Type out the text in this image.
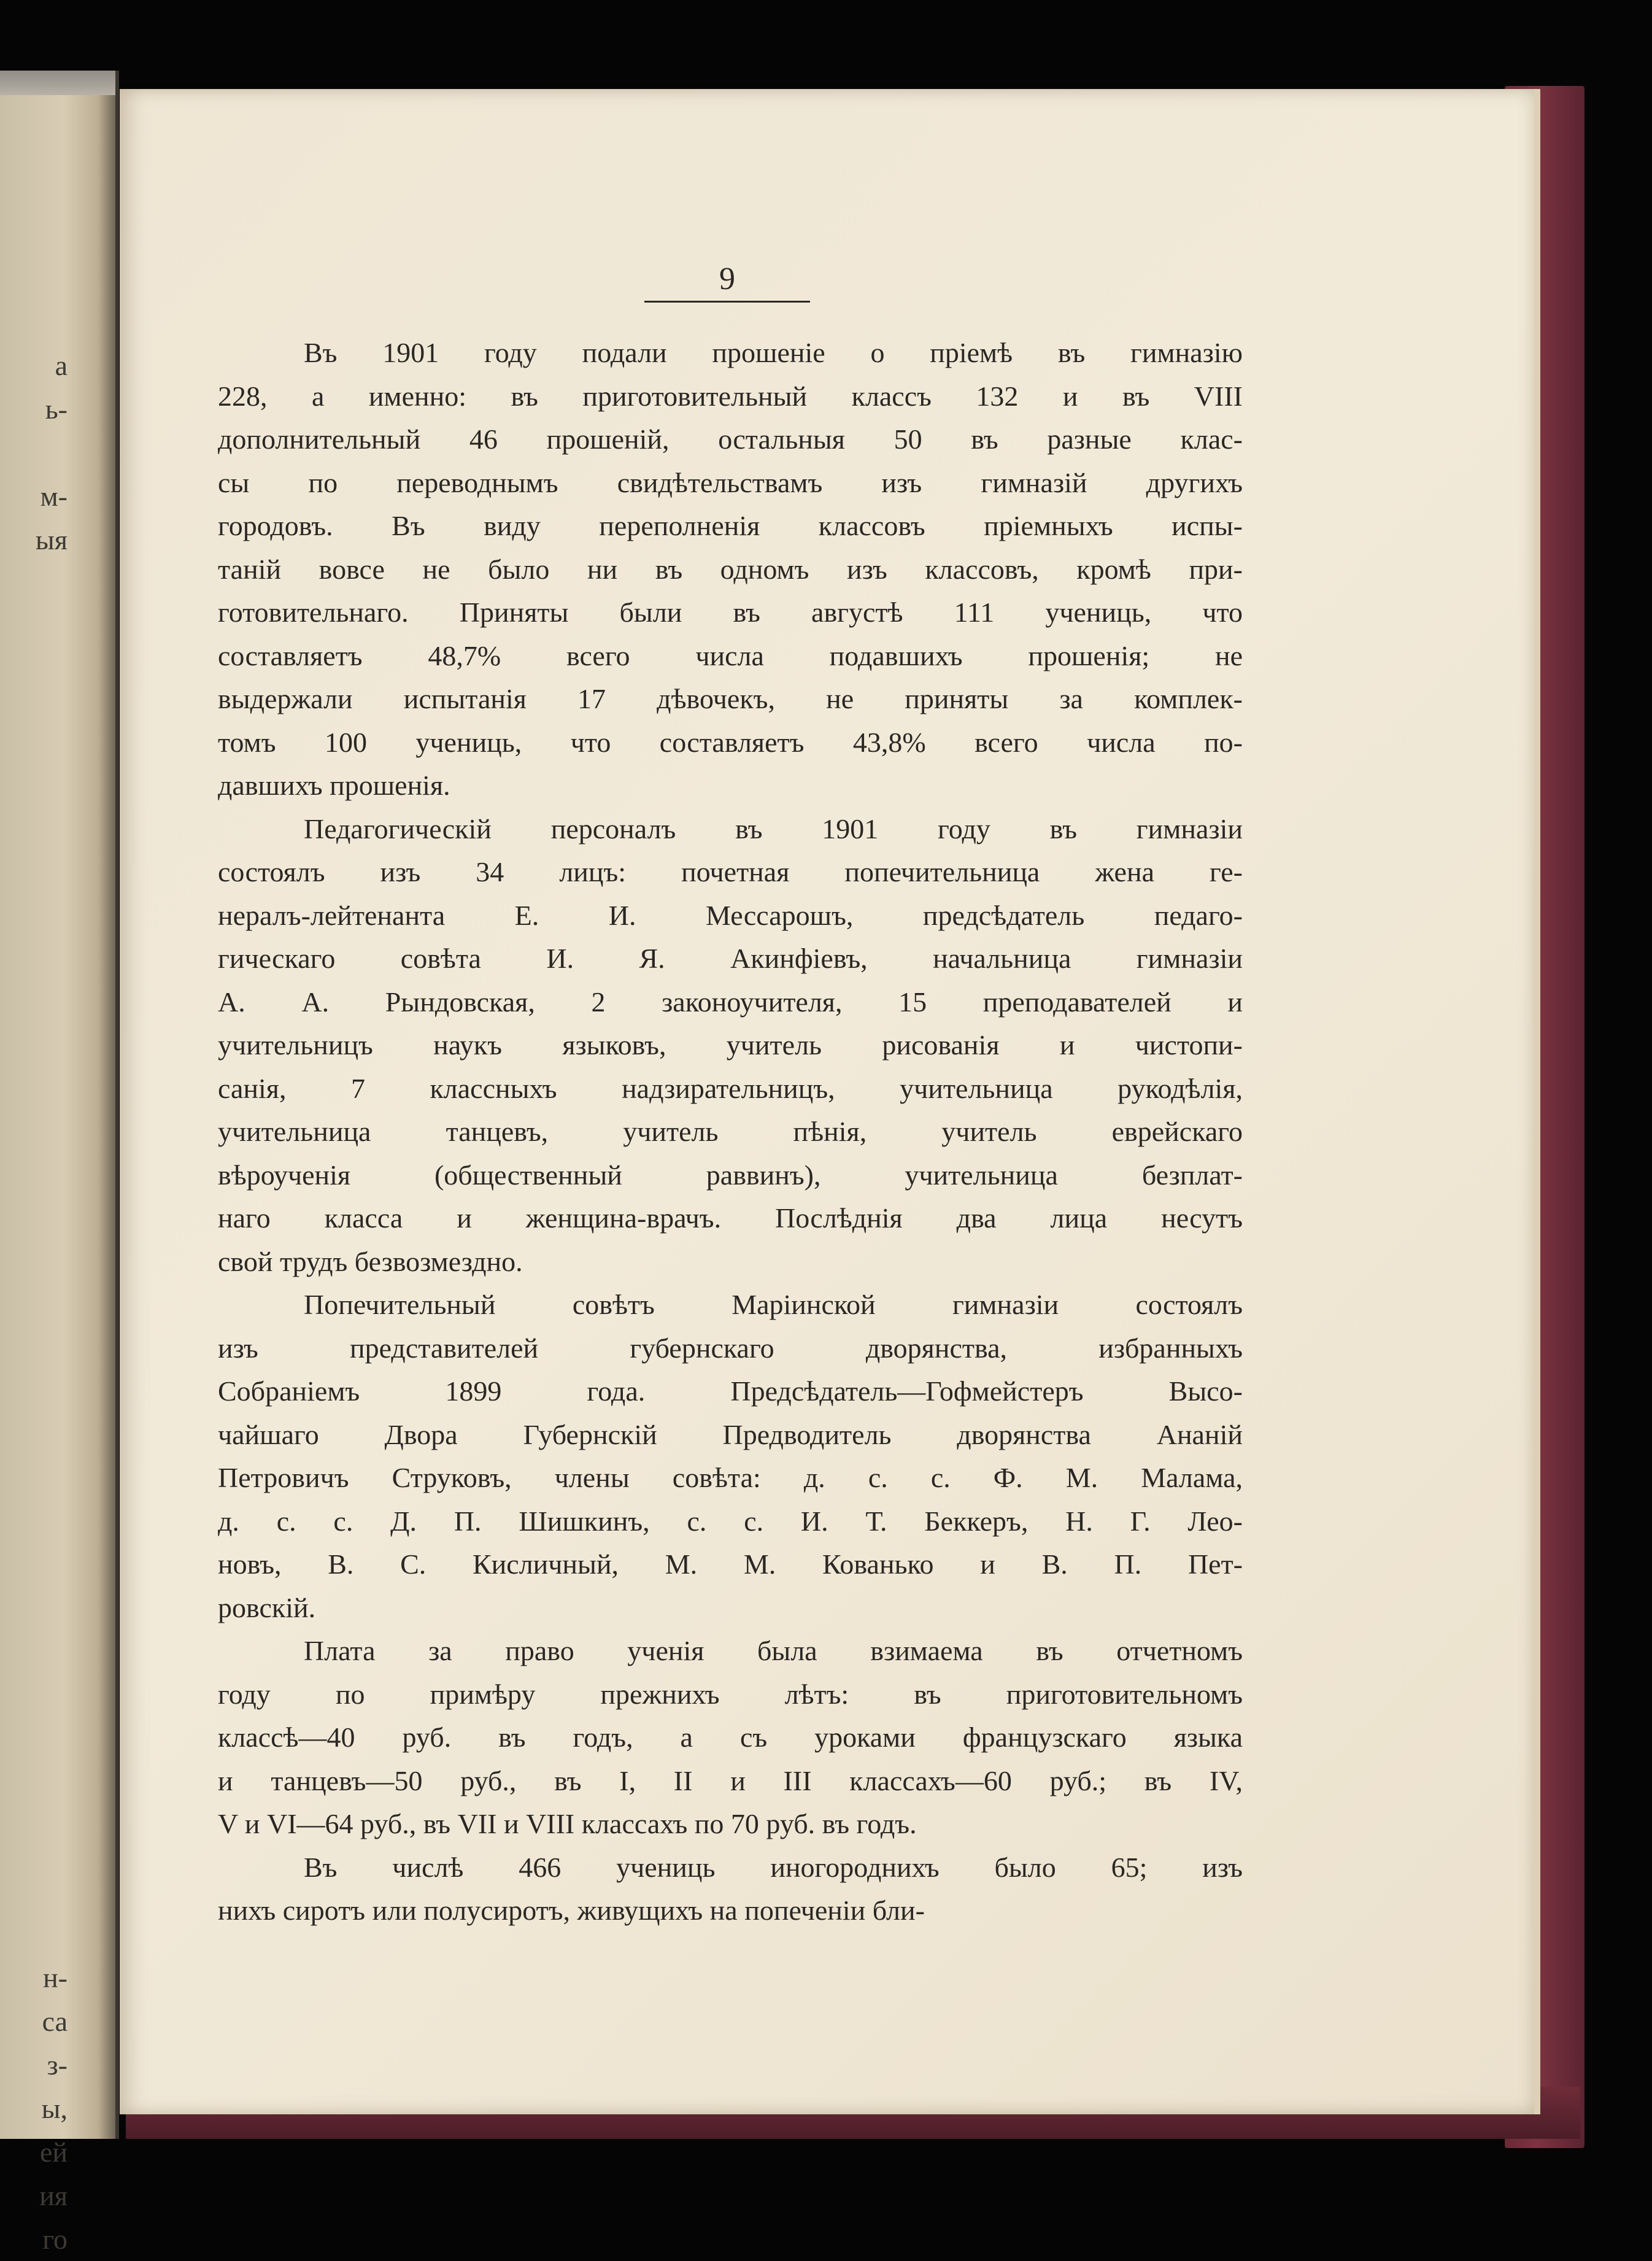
а
ь-
м-
ыя
н-
са
з-
ы,
ей
ия
го
9
Въ 1901 году подали прошеніе о пріемѣ въ гимназію
228, а именно: въ приготовительный классъ 132 и въ VIII
дополнительный 46 прошеній, остальныя 50 въ разные клас-
сы по переводнымъ свидѣтельствамъ изъ гимназій другихъ
городовъ. Въ виду переполненія классовъ пріемныхъ испы-
таній вовсе не было ни въ одномъ изъ классовъ, кромѣ при-
готовительнаго. Приняты были въ августѣ 111 учениць, что
составляетъ 48,7% всего числа подавшихъ прошенія; не
выдержали испытанія 17 дѣвочекъ, не приняты за комплек-
томъ 100 учениць, что составляетъ 43,8% всего числа по-
давшихъ прошенія.
Педагогическій персоналъ въ 1901 году въ гимназіи
состоялъ изъ 34 лицъ: почетная попечительница жена ге-
нералъ-лейтенанта Е. И. Мессарошъ, предсѣдатель педаго-
гическаго совѣта И. Я. Акинфіевъ, начальница гимназіи
А. А. Рындовская, 2 законоучителя, 15 преподавателей и
учительницъ наукъ языковъ, учитель рисованія и чистопи-
санія, 7 классныхъ надзирательницъ, учительница рукодѣлія,
учительница танцевъ, учитель пѣнія, учитель еврейскаго
вѣроученія (общественный раввинъ), учительница безплат-
наго класса и женщина-врачъ. Послѣднія два лица несутъ
свой трудъ безвозмездно.
Попечительный совѣтъ Маріинской гимназіи состоялъ
изъ представителей губернскаго дворянства, избранныхъ
Собраніемъ 1899 года. Предсѣдатель—Гофмейстеръ Высо-
чайшаго Двора Губернскій Предводитель дворянства Ананій
Петровичъ Струковъ, члены совѣта: д. с. с. Ф. М. Малама,
д. с. с. Д. П. Шишкинъ, с. с. И. Т. Беккеръ, Н. Г. Лео-
новъ, В. С. Кисличный, М. М. Кованько и В. П. Пет-
ровскій.
Плата за право ученія была взимаема въ отчетномъ
году по примѣру прежнихъ лѣтъ: въ приготовительномъ
классѣ—40 руб. въ годъ, а съ уроками французскаго языка
и танцевъ—50 руб., въ I, II и III классахъ—60 руб.; въ IV,
V и VI—64 руб., въ VII и VIII классахъ по 70 руб. въ годъ.
Въ числѣ 466 учениць иногороднихъ было 65; изъ
нихъ сиротъ или полусиротъ, живущихъ на попеченіи бли-
